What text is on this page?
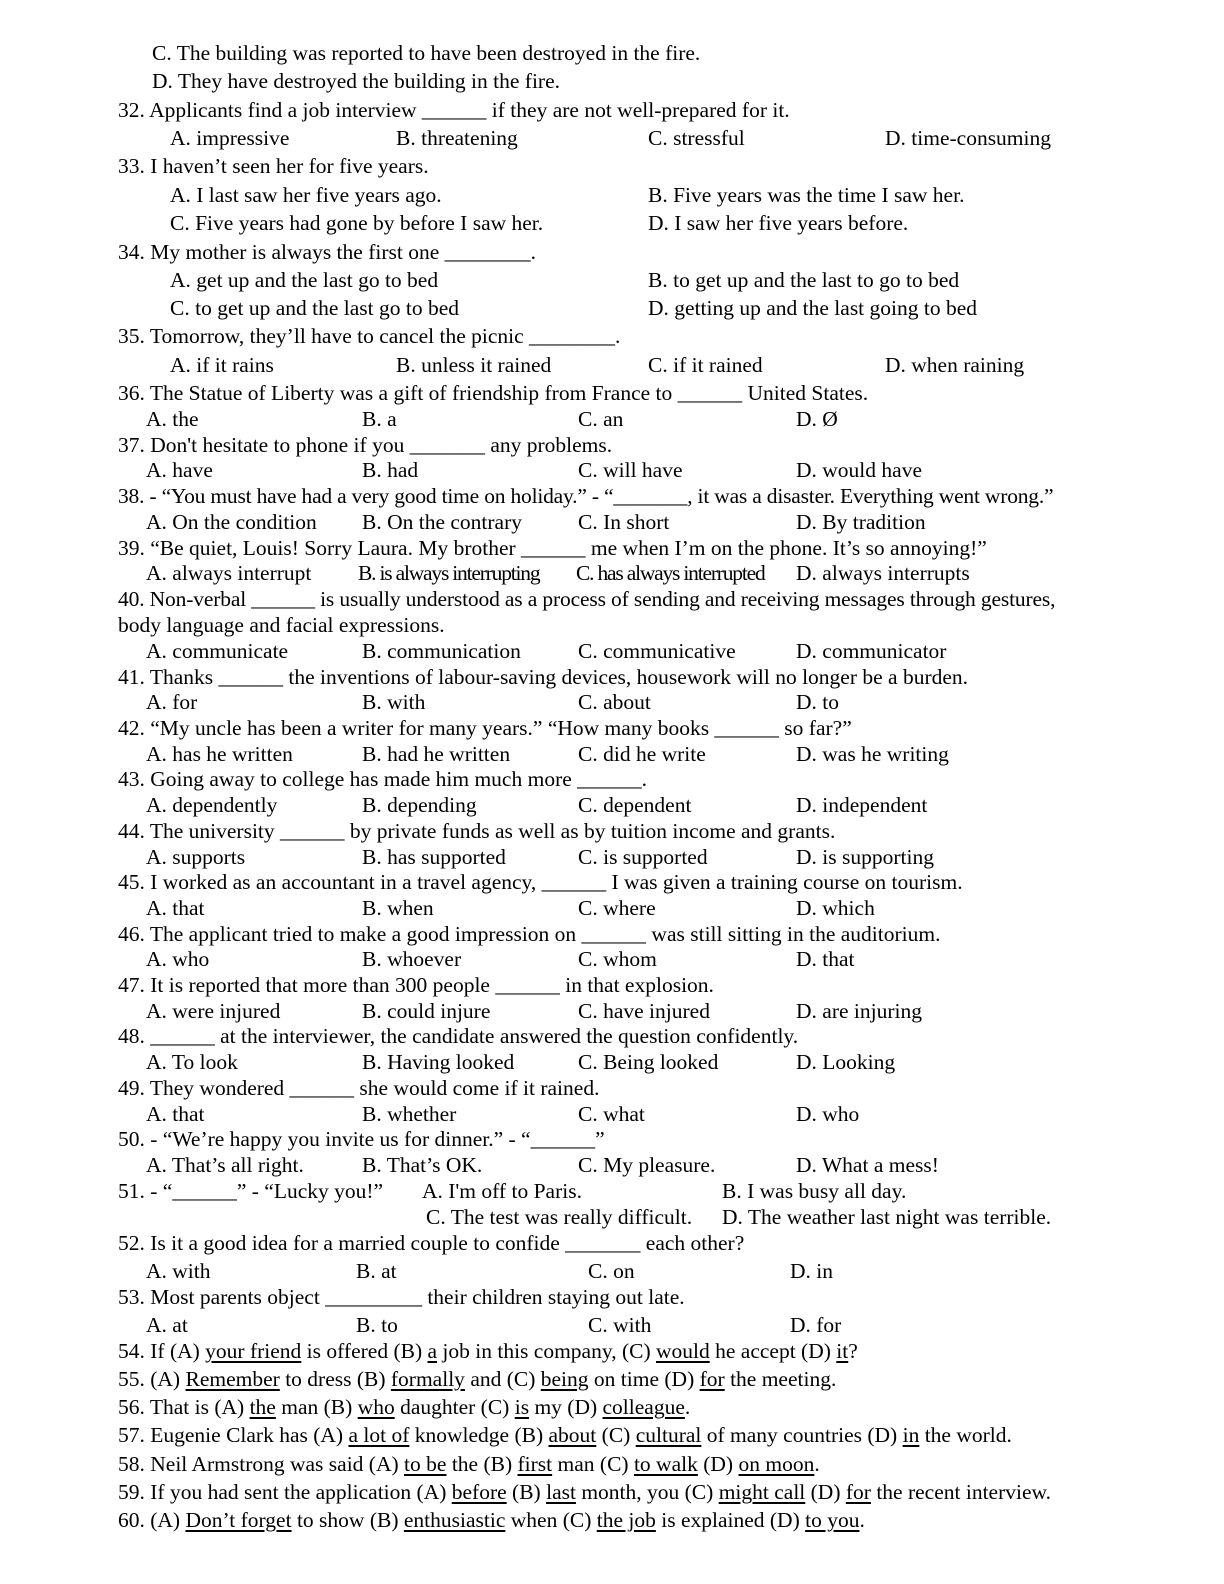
C. The building was reported to have been destroyed in the fire.
D. They have destroyed the building in the fire.
32. Applicants find a job interview ______ if they are not well-prepared for it.
A. impressive	B. threatening	C. stressful	D. time-consuming
33. I haven’t seen her for five years.
A. I last saw her five years ago.	B. Five years was the time I saw her.
C. Five years had gone by before I saw her.	D. I saw her five years before.
34. My mother is always the first one ________.
A. get up and the last go to bed	B. to get up and the last to go to bed
C. to get up and the last go to bed	D. getting up and the last going to bed
35. Tomorrow, they’ll have to cancel the picnic ________.
A. if it rains	B. unless it rained	C. if it rained	D. when raining
36. The Statue of Liberty was a gift of friendship from France to ______ United States.
A. the	B. a	C. an	D. Ø
37. Don't hesitate to phone if you _______ any problems.
A. have	B. had	C. will have	D. would have
38. - “You must have had a very good time on holiday.” - “_______, it was a disaster. Everything went wrong.”
A. On the condition B. On the contrary	C. In short	D. By tradition
39. “Be quiet, Louis! Sorry Laura. My brother ______ me when I’m on the phone. It’s so annoying!”
A. always interrupt B. is always interrupting C. has always interrupted D. always interrupts
40. Non-verbal ______ is usually understood as a process of sending and receiving messages through gestures,
body language and facial expressions.
A. communicate	B. communication	C. communicative	D. communicator
41. Thanks ______ the inventions of labour-saving devices, housework will no longer be a burden.
A. for	B. with	C. about	D. to
42. “My uncle has been a writer for many years.” “How many books ______ so far?”
A. has he written	B. had he written	C. did he write	D. was he writing
43. Going away to college has made him much more ______.
A. dependently	B. depending	C. dependent	D. independent
44. The university ______ by private funds as well as by tuition income and grants.
A. supports	B. has supported	C. is supported	D. is supporting
45. I worked as an accountant in a travel agency, ______ I was given a training course on tourism.
A. that	B. when	C. where	D. which
46. The applicant tried to make a good impression on ______ was still sitting in the auditorium.
A. who	B. whoever	C. whom	D. that
47. It is reported that more than 300 people ______ in that explosion.
A. were injured	B. could injure	C. have injured	D. are injuring
48. ______ at the interviewer, the candidate answered the question confidently.
A. To look	B. Having looked	C. Being looked	D. Looking
49. They wondered ______ she would come if it rained.
A. that	B. whether	C. what	D. who
50. - “We’re happy you invite us for dinner.” - “______”
A. That’s all right.	B. That’s OK.	C. My pleasure.	D. What a mess!
51. - “______” - “Lucky you!” A. I'm off to Paris.	B. I was busy all day.
C. The test was really difficult. D. The weather last night was terrible.
52. Is it a good idea for a married couple to confide _______ each other?
A. with	B. at	C. on	D. in
53. Most parents object _________ their children staying out late.
A. at	B. to	C. with	D. for
54. If (A) your friend is offered (B) a job in this company, (C) would he accept (D) it?
55. (A) Remember to dress (B) formally and (C) being on time (D) for the meeting.
56. That is (A) the man (B) who daughter (C) is my (D) colleague.
57. Eugenie Clark has (A) a lot of knowledge (B) about (C) cultural of many countries (D) in the world.
58. Neil Armstrong was said (A) to be the (B) first man (C) to walk (D) on moon.
59. If you had sent the application (A) before (B) last month, you (C) might call (D) for the recent interview.
60. (A) Don’t forget to show (B) enthusiastic when (C) the job is explained (D) to you.
